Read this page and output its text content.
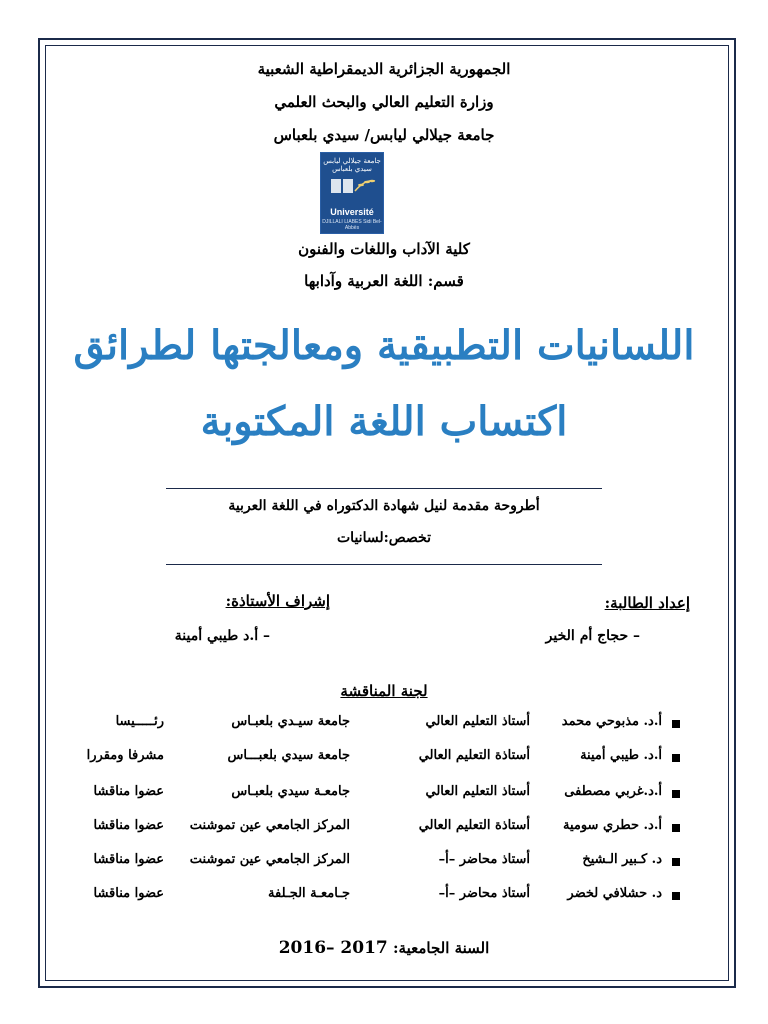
الجمهورية الجزائرية الديمقراطية الشعبية
وزارة التعليم العالي والبحث العلمي
جامعة جيلالي ليابس/ سيدي بلعباس
جامعة جيلالي ليابس سيدي بلعباس
Université
DJILLALI LIABES Sidi Bel-Abbès
كلية الآداب واللغات والفنون
قسم: اللغة العربية وآدابها
اللسانيات التطبيقية ومعالجتها لطرائق
اكتساب اللغة المكتوبة
أطروحة مقدمة لنيل شهادة الدكتوراه في اللغة العربية
تخصص:لسانيات
إعداد الطالبة:
– حجاج أم الخير
إشراف الأستاذة:
– أ.د طيبي أمينة
لجنة المناقشة
أ.د. مذبوحي محمد
أستاذ التعليم العالي
جامعة سيـدي بلعبـاس
رئـــــيسا
أ.د. طيبي أمينة
أستاذة التعليم العالي
جامعة سيدي بلعبـــاس
مشرفا ومقررا
أ.د.غربي مصطفى
أستاذ التعليم العالي
جامعـة سيدي بلعبـاس
عضوا مناقشا
أ.د. حطري سومية
أستاذة التعليم العالي
المركز الجامعي عين تموشنت
عضوا مناقشا
د. كـبير الـشيخ
أستاذ محاضر –أ–
المركز الجامعي عين تموشنت
عضوا مناقشا
د. حشلافي لخضر
أستاذ محاضر –أ–
جـامعـة الجـلفة
عضوا مناقشا
السنة الجامعية: 2016– 2017
